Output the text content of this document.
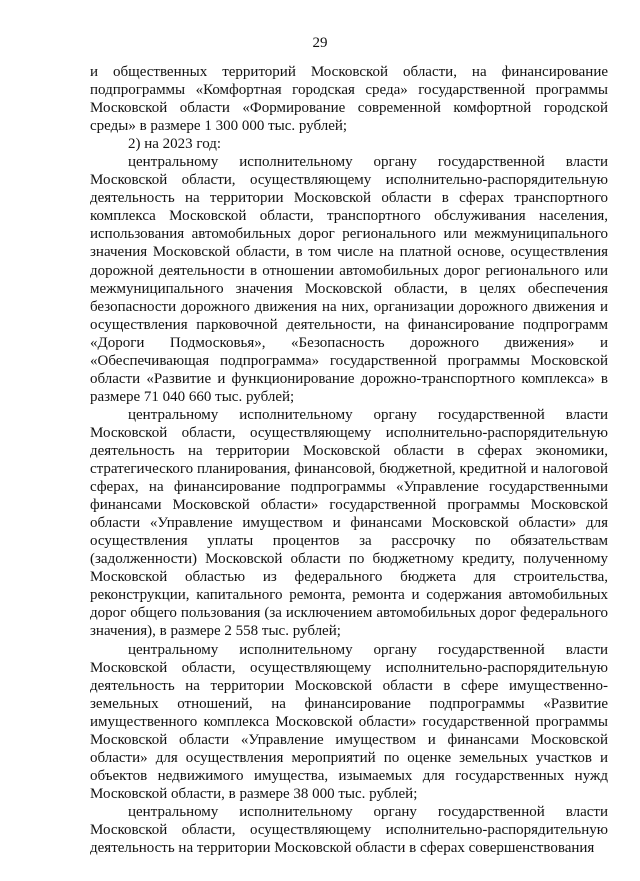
29

и общественных территорий Московской области, на финансирование подпрограммы «Комфортная городская среда» государственной программы Московской области «Формирование современной комфортной городской среды» в размере 1 300 000 тыс. рублей;

2) на 2023 год:

центральному исполнительному органу государственной власти Московской области, осуществляющему исполнительно-распорядительную деятельность на территории Московской области в сферах транспортного комплекса Московской области, транспортного обслуживания населения, использования автомобильных дорог регионального или межмуниципального значения Московской области, в том числе на платной основе, осуществления дорожной деятельности в отношении автомобильных дорог регионального или межмуниципального значения Московской области, в целях обеспечения безопасности дорожного движения на них, организации дорожного движения и осуществления парковочной деятельности, на финансирование подпрограмм «Дороги Подмосковья», «Безопасность дорожного движения» и «Обеспечивающая подпрограмма» государственной программы Московской области «Развитие и функционирование дорожно-транспортного комплекса» в размере 71 040 660 тыс. рублей;

центральному исполнительному органу государственной власти Московской области, осуществляющему исполнительно-распорядительную деятельность на территории Московской области в сферах экономики, стратегического планирования, финансовой, бюджетной, кредитной и налоговой сферах, на финансирование подпрограммы «Управление государственными финансами Московской области» государственной программы Московской области «Управление имуществом и финансами Московской области» для осуществления уплаты процентов за рассрочку по обязательствам (задолженности) Московской области по бюджетному кредиту, полученному Московской областью из федерального бюджета для строительства, реконструкции, капитального ремонта, ремонта и содержания автомобильных дорог общего пользования (за исключением автомобильных дорог федерального значения), в размере 2 558 тыс. рублей;

центральному исполнительному органу государственной власти Московской области, осуществляющему исполнительно-распорядительную деятельность на территории Московской области в сфере имущественно-земельных отношений, на финансирование подпрограммы «Развитие имущественного комплекса Московской области» государственной программы Московской области «Управление имуществом и финансами Московской области» для осуществления мероприятий по оценке земельных участков и объектов недвижимого имущества, изымаемых для государственных нужд Московской области, в размере 38 000 тыс. рублей;

центральному исполнительному органу государственной власти Московской области, осуществляющему исполнительно-распорядительную деятельность на территории Московской области в сферах совершенствования
